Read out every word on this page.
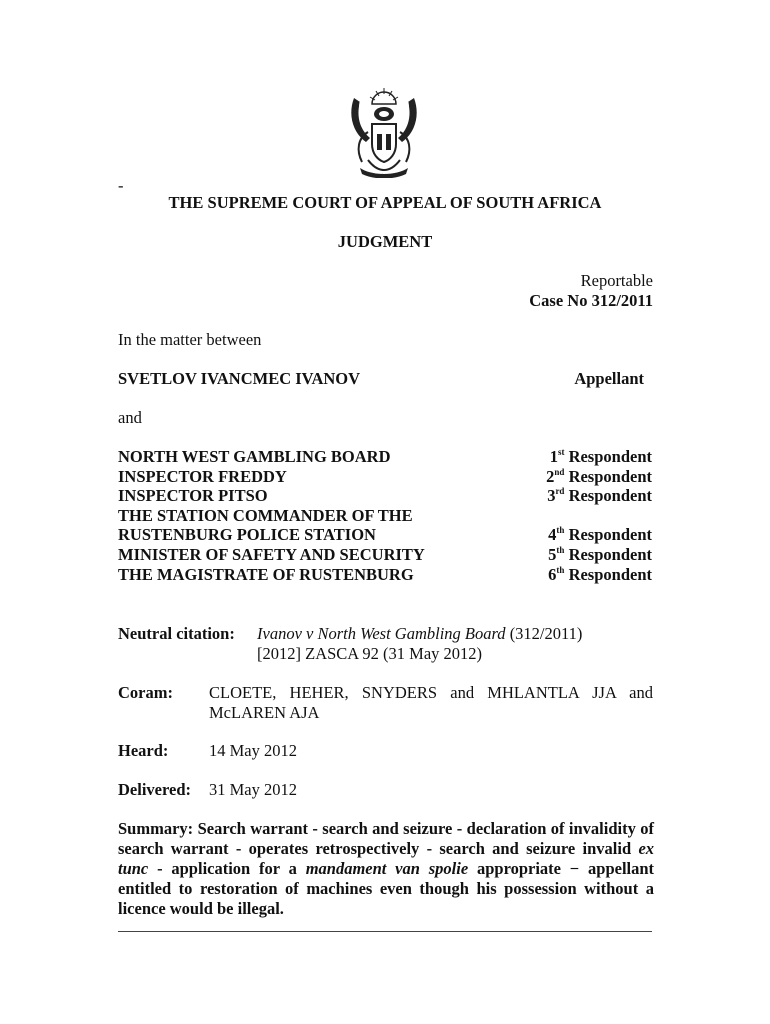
-
THE SUPREME COURT OF APPEAL OF SOUTH AFRICA
JUDGMENT
Reportable
Case No 312/2011
In the matter between
SVETLOV IVANCMEC IVANOV	Appellant
and
NORTH WEST GAMBLING BOARD	1st Respondent
INSPECTOR FREDDY	2nd Respondent
INSPECTOR PITSO	3rd Respondent
THE STATION COMMANDER OF THE
RUSTENBURG POLICE STATION	4th Respondent
MINISTER OF SAFETY AND SECURITY	5th Respondent
THE MAGISTRATE OF RUSTENBURG	6th Respondent
Neutral citation: Ivanov v North West Gambling Board (312/2011)
[2012] ZASCA 92 (31 May 2012)
Coram: CLOETE, HEHER, SNYDERS and MHLANTLA JJA and
McLAREN AJA
Heard: 14 May 2012
Delivered: 31 May 2012
Summary: Search warrant - search and seizure - declaration of invalidity of search warrant - operates retrospectively - search and seizure invalid ex tunc - application for a mandament van spolie appropriate − appellant entitled to restoration of machines even though his possession without a licence would be illegal.
